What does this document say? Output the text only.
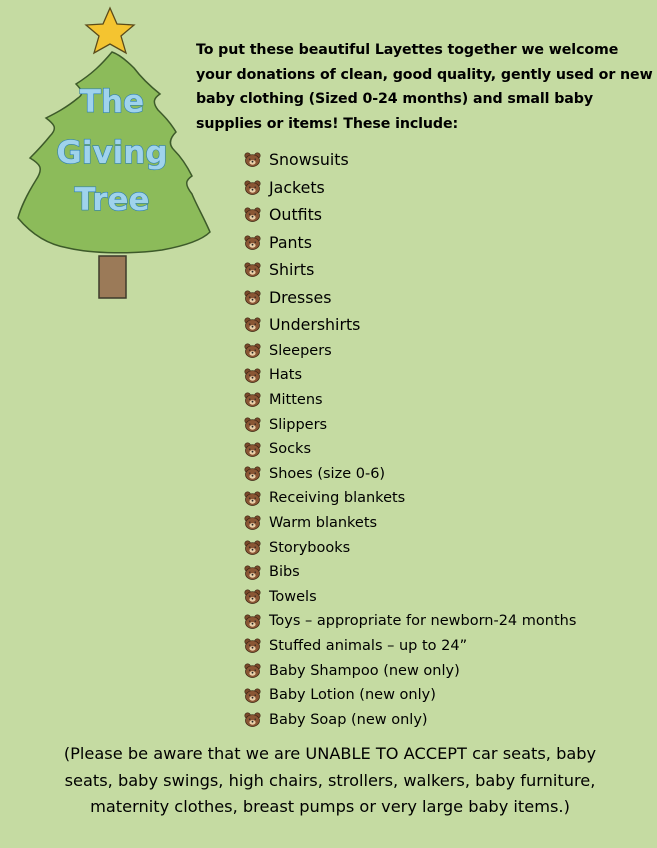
The
Giving
Tree
To put these beautiful Layettes together we welcome
your donations of clean, good quality, gently used or new
baby clothing (Sized 0-24 months) and small baby
supplies or items! These include:
Snowsuits
Jackets
Outfits
Pants
Shirts
Dresses
Undershirts
Sleepers
Hats
Mittens
Slippers
Socks
Shoes (size 0-6)
Receiving blankets
Warm blankets
Storybooks
Bibs
Towels
Toys – appropriate for newborn-24 months
Stuffed animals – up to 24”
Baby Shampoo (new only)
Baby Lotion (new only)
Baby Soap (new only)
(Please be aware that we are UNABLE TO ACCEPT car seats, baby
seats, baby swings, high chairs, strollers, walkers, baby furniture,
maternity clothes, breast pumps or very large baby items.)
